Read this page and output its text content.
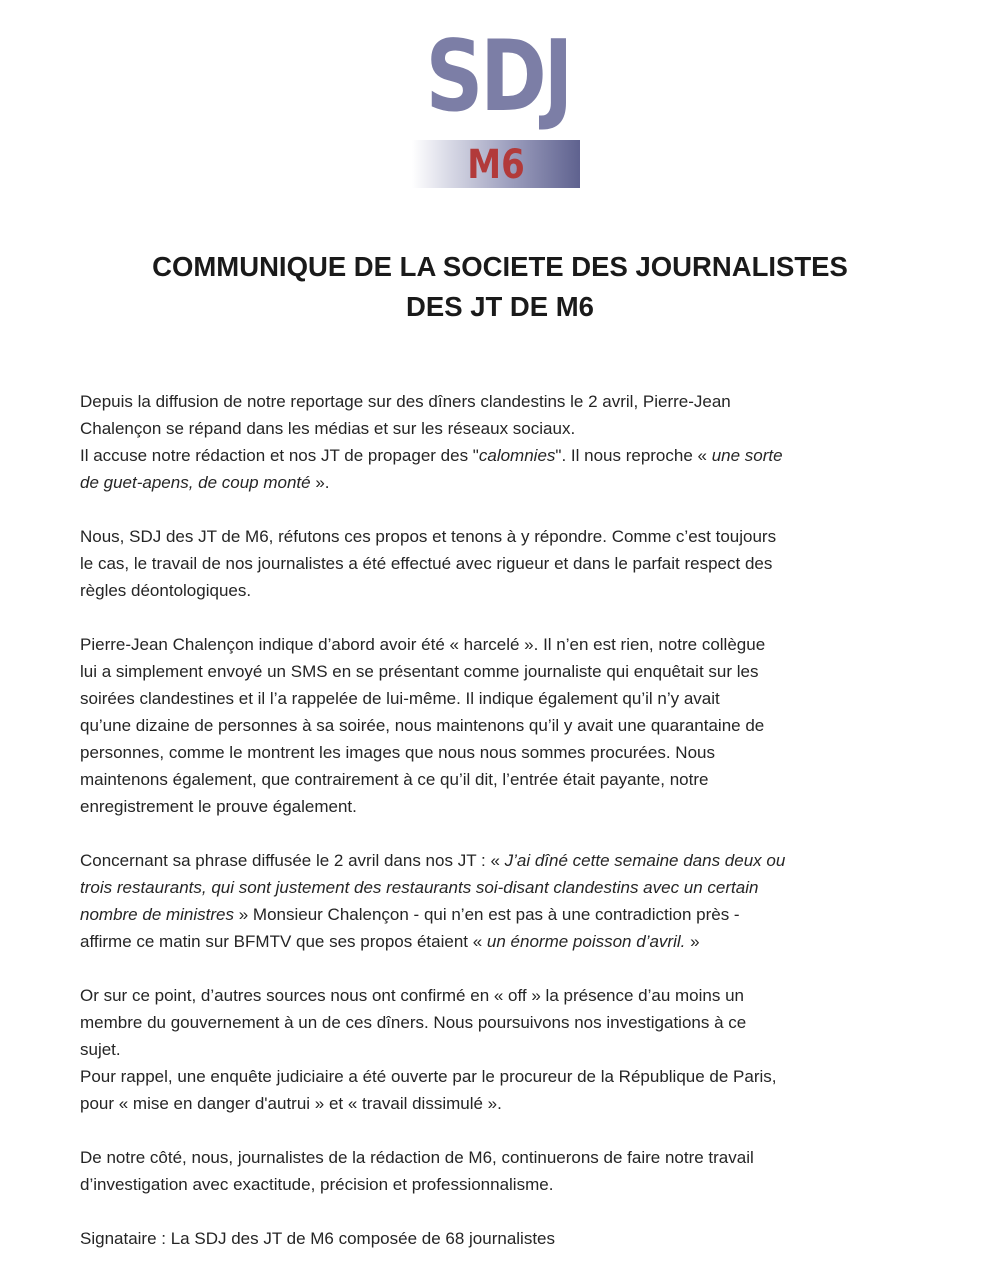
SDJ
M6
COMMUNIQUE DE LA SOCIETE DES JOURNALISTES
DES JT DE M6
Depuis la diffusion de notre reportage sur des dîners clandestins le 2 avril, Pierre-Jean
Chalençon se répand dans les médias et sur les réseaux sociaux.
Il accuse notre rédaction et nos JT de propager des "calomnies". Il nous reproche « une sorte
de guet-apens, de coup monté ».
Nous, SDJ des JT de M6, réfutons ces propos et tenons à y répondre. Comme c’est toujours
le cas, le travail de nos journalistes a été effectué avec rigueur et dans le parfait respect des
règles déontologiques.
Pierre-Jean Chalençon indique d’abord avoir été « harcelé ». Il n’en est rien, notre collègue
lui a simplement envoyé un SMS en se présentant comme journaliste qui enquêtait sur les
soirées clandestines et il l’a rappelée de lui-même. Il indique également qu’il n’y avait
qu’une dizaine de personnes à sa soirée, nous maintenons qu’il y avait une quarantaine de
personnes, comme le montrent les images que nous nous sommes procurées. Nous
maintenons également, que contrairement à ce qu’il dit, l’entrée était payante, notre
enregistrement le prouve également.
Concernant sa phrase diffusée le 2 avril dans nos JT : « J’ai dîné cette semaine dans deux ou
trois restaurants, qui sont justement des restaurants soi-disant clandestins avec un certain
nombre de ministres » Monsieur Chalençon - qui n’en est pas à une contradiction près -
affirme ce matin sur BFMTV que ses propos étaient « un énorme poisson d’avril. »
Or sur ce point, d’autres sources nous ont confirmé en « off » la présence d’au moins un
membre du gouvernement à un de ces dîners. Nous poursuivons nos investigations à ce
sujet.
Pour rappel, une enquête judiciaire a été ouverte par le procureur de la République de Paris,
pour « mise en danger d'autrui » et « travail dissimulé ».
De notre côté, nous, journalistes de la rédaction de M6, continuerons de faire notre travail
d’investigation avec exactitude, précision et professionnalisme.
Signataire : La SDJ des JT de M6 composée de 68 journalistes
